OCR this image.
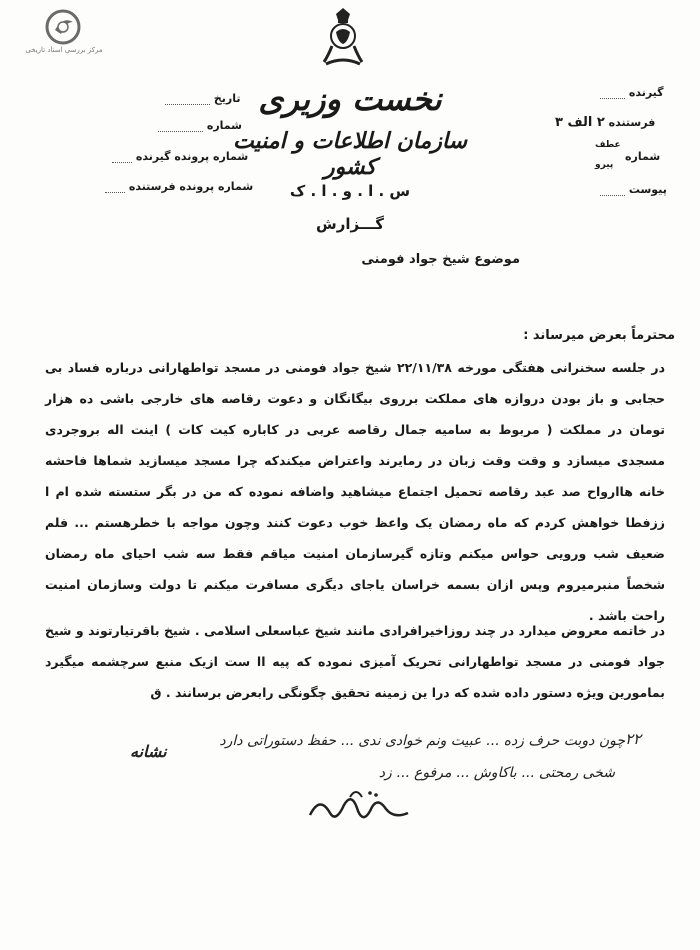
مرکز بررسی اسناد تاریخی
نخست وزیری
سازمان اطلاعات و امنیت کشور
س . ا . و . ا . ک
گـــزارش
تاریخ
شماره
شماره پرونده گیرنده
شماره پرونده فرستنده
گیرنده
فرستنده ۲ الف ۳
شماره
عطف
پیرو
پیوست
موضوع شیخ جواد فومنی
محترماً بعرض میرساند :
در جلسه سخنرانی هفتگی مورخه ۲۲/۱۱/۳۸ شیخ جواد فومنی در مسجد تواطهارانی درباره فساد بی حجابی و باز بودن دروازه های مملکت برروی بیگانگان و دعوت رقاصه های خارجی باشی ده هزار تومان در مملکت ( مربوط به سامیه جمال رقاصه عربی در کاباره کیت کات ) اینت اله بروجردی مسجدی میسازد و وقت وقت زبان در رمایرند واعتراض میکندکه چرا مسجد میسازید شماها فاحشه خانه هاارواح صد عبد رقاصه تحمیل اجتماع میشاهید واضافه نموده که من در بگر ستسته شده ام ا ززفطا خواهش کردم که ماه رمضان یک واعظ خوب دعوت کنند وچون مواجه با خطرهستم ... فلم ضعیف شب ورویی حواس میکنم وتازه گیرسازمان امنیت میاقم فقط سه شب احیای ماه رمضان شخصاً منبرمیروم وپس ازان بسمه خراسان یاجای دیگری مسافرت میکنم تا دولت وسازمان امنیت راحت باشد .
در خاتمه معروض میدارد در چند روزاخیرافرادی مانند شیخ عباسعلی اسلامی . شیخ باقرتیارتوند و شیخ جواد فومنی در مسجد تواطهارانی تحریک آمیزی نموده که پیه اا ست ازیک منبع سرچشمه میگیرد بمامورین ویژه دستور داده شده که درا ین زمینه تحقیق چگونگی رابعرض برسانند . ق
۲۲
چون دوبت حرف زده ... عبیت ونم خوادی ندی ... حفظ دستوراتی دارد
شخی رمحتی ... باکاوش ... مرفوع ... زد
نشانه
